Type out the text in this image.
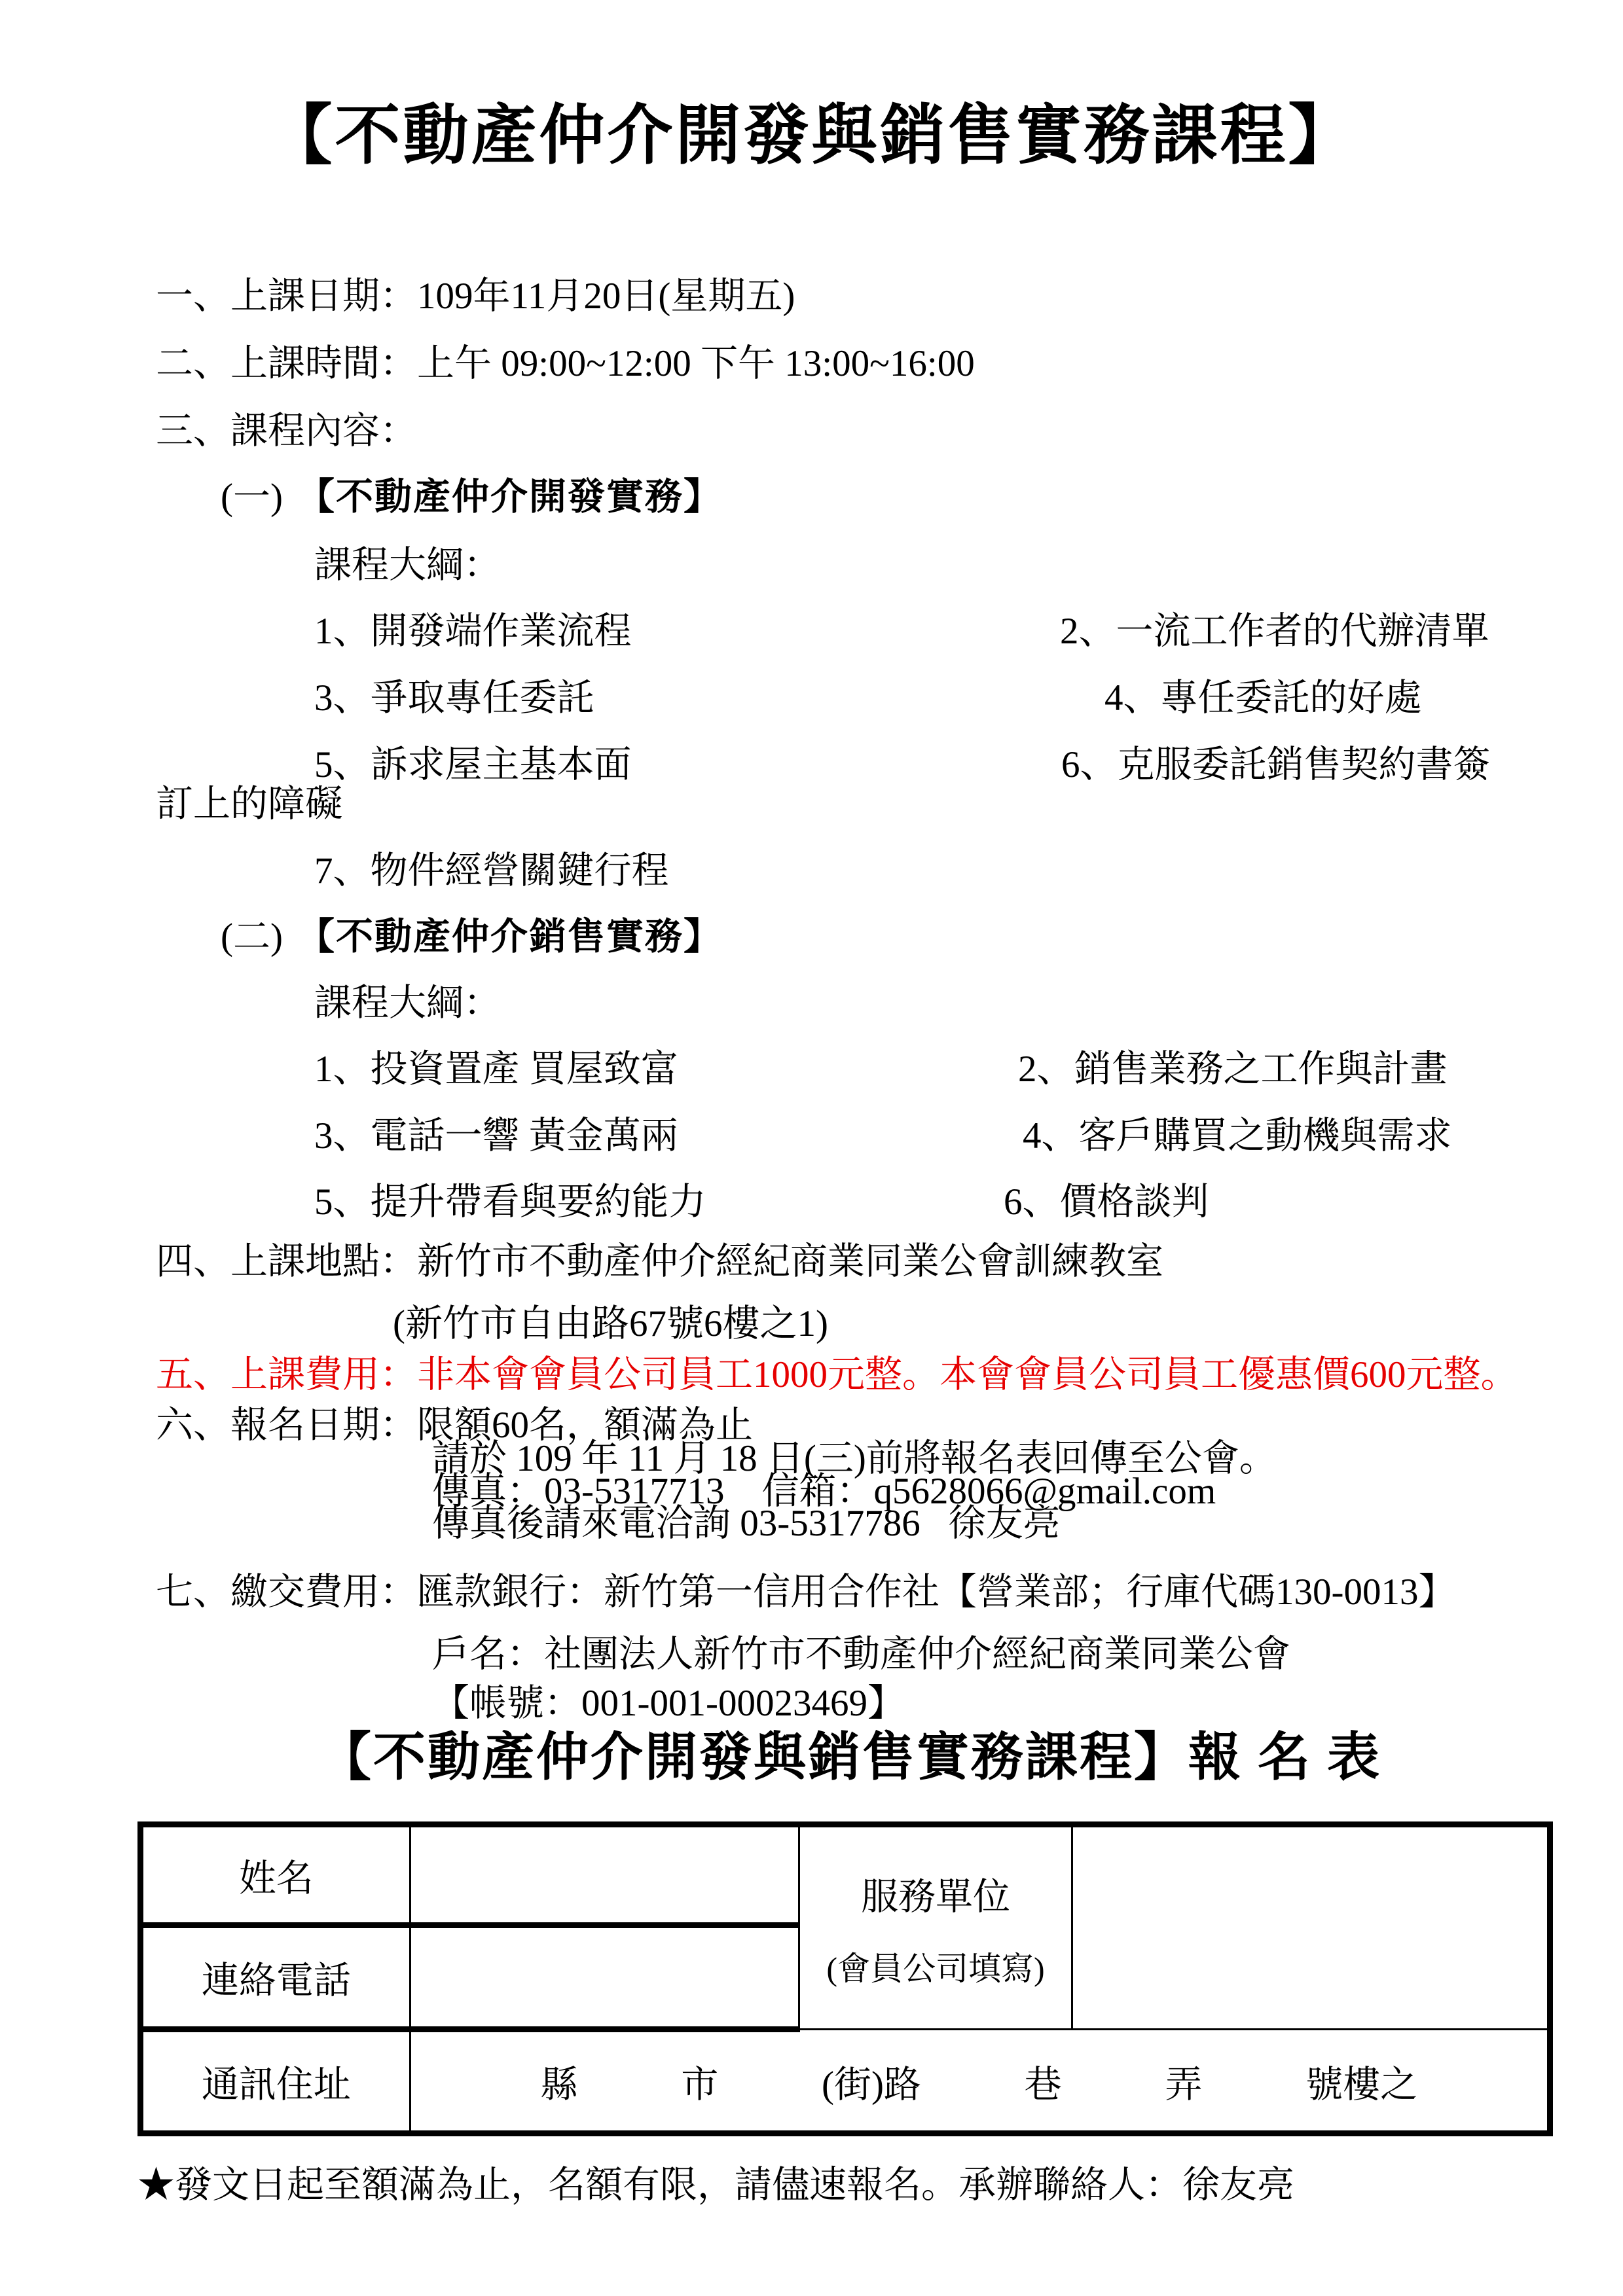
【不動產仲介開發與銷售實務課程】
一、上課日期：109年11月20日(星期五)
二、上課時間：上午 09:00~12:00 下午 13:00~16:00
三、課程內容：
(一) 【不動產仲介開發實務】
課程大綱：
1、開發端作業流程	2、一流工作者的代辦清單
3、爭取專任委託	4、專任委託的好處
5、訴求屋主基本面	6、克服委託銷售契約書簽
訂上的障礙
7、物件經營關鍵行程
(二) 【不動產仲介銷售實務】
課程大綱：
1、投資置產 買屋致富	2、銷售業務之工作與計畫
3、電話一響 黃金萬兩	4、客戶購買之動機與需求
5、提升帶看與要約能力	6、價格談判
四、上課地點：新竹市不動產仲介經紀商業同業公會訓練教室
(新竹市自由路67號6樓之1)
五、上課費用：非本會會員公司員工1000元整。本會會員公司員工優惠價600元整。
六、報名日期：限額60名，額滿為止
請於 109 年 11 月 18 日(三)前將報名表回傳至公會。
傳真：03-5317713    信箱：q5628066@gmail.com
傳真後請來電洽詢 03-5317786   徐友亮
七、繳交費用：匯款銀行：新竹第一信用合作社【營業部；行庫代碼130-0013】
戶名：社團法人新竹市不動產仲介經紀商業同業公會
【帳號：001-001-00023469】
【不動產仲介開發與銷售實務課程】報 名 表
姓名		服務單位
(會員公司填寫)	

連絡電話			
通訊住址	縣	市	(街)路	巷	弄	號樓之
★發文日起至額滿為止，名額有限，請儘速報名。承辦聯絡人：徐友亮
